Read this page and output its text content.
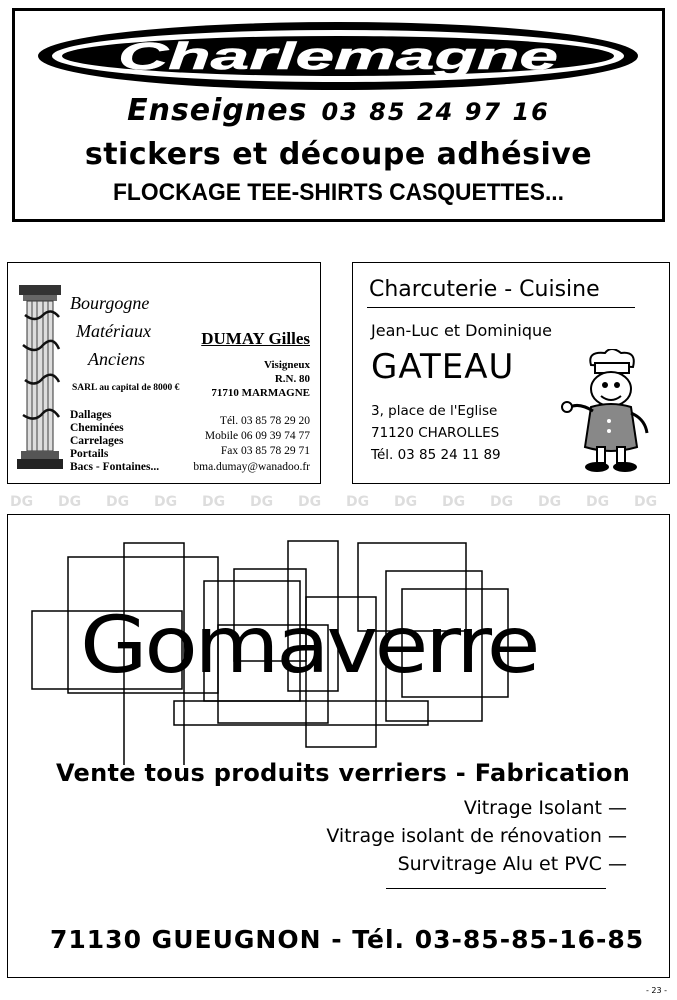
Charlemagne
Enseignes 03 85 24 97 16
stickers et découpe adhésive
FLOCKAGE TEE-SHIRTS CASQUETTES...
Bourgogne
Matériaux
Anciens
SARL au capital de 8000 €
DUMAY Gilles
Visigneux
R.N. 80
71710 MARMAGNE
Dallages
Cheminées
Carrelages
Portails
Bacs - Fontaines...
Tél. 03 85 78 29 20
Mobile 06 09 39 74 77
Fax 03 85 78 29 71
bma.dumay@wanadoo.fr
Charcuterie - Cuisine
Jean-Luc et Dominique
GATEAU
3, place de l'Eglise
71120 CHAROLLES
Tél. 03 85 24 11 89
DG DG DG DG DG DG DG DG DG DG DG DG DG DG
Gomaverre
Vente tous produits verriers - Fabrication
Vitrage Isolant —
Vitrage isolant de rénovation —
Survitrage Alu et PVC —
71130 GUEUGNON - Tél. 03-85-85-16-85
- 23 -
